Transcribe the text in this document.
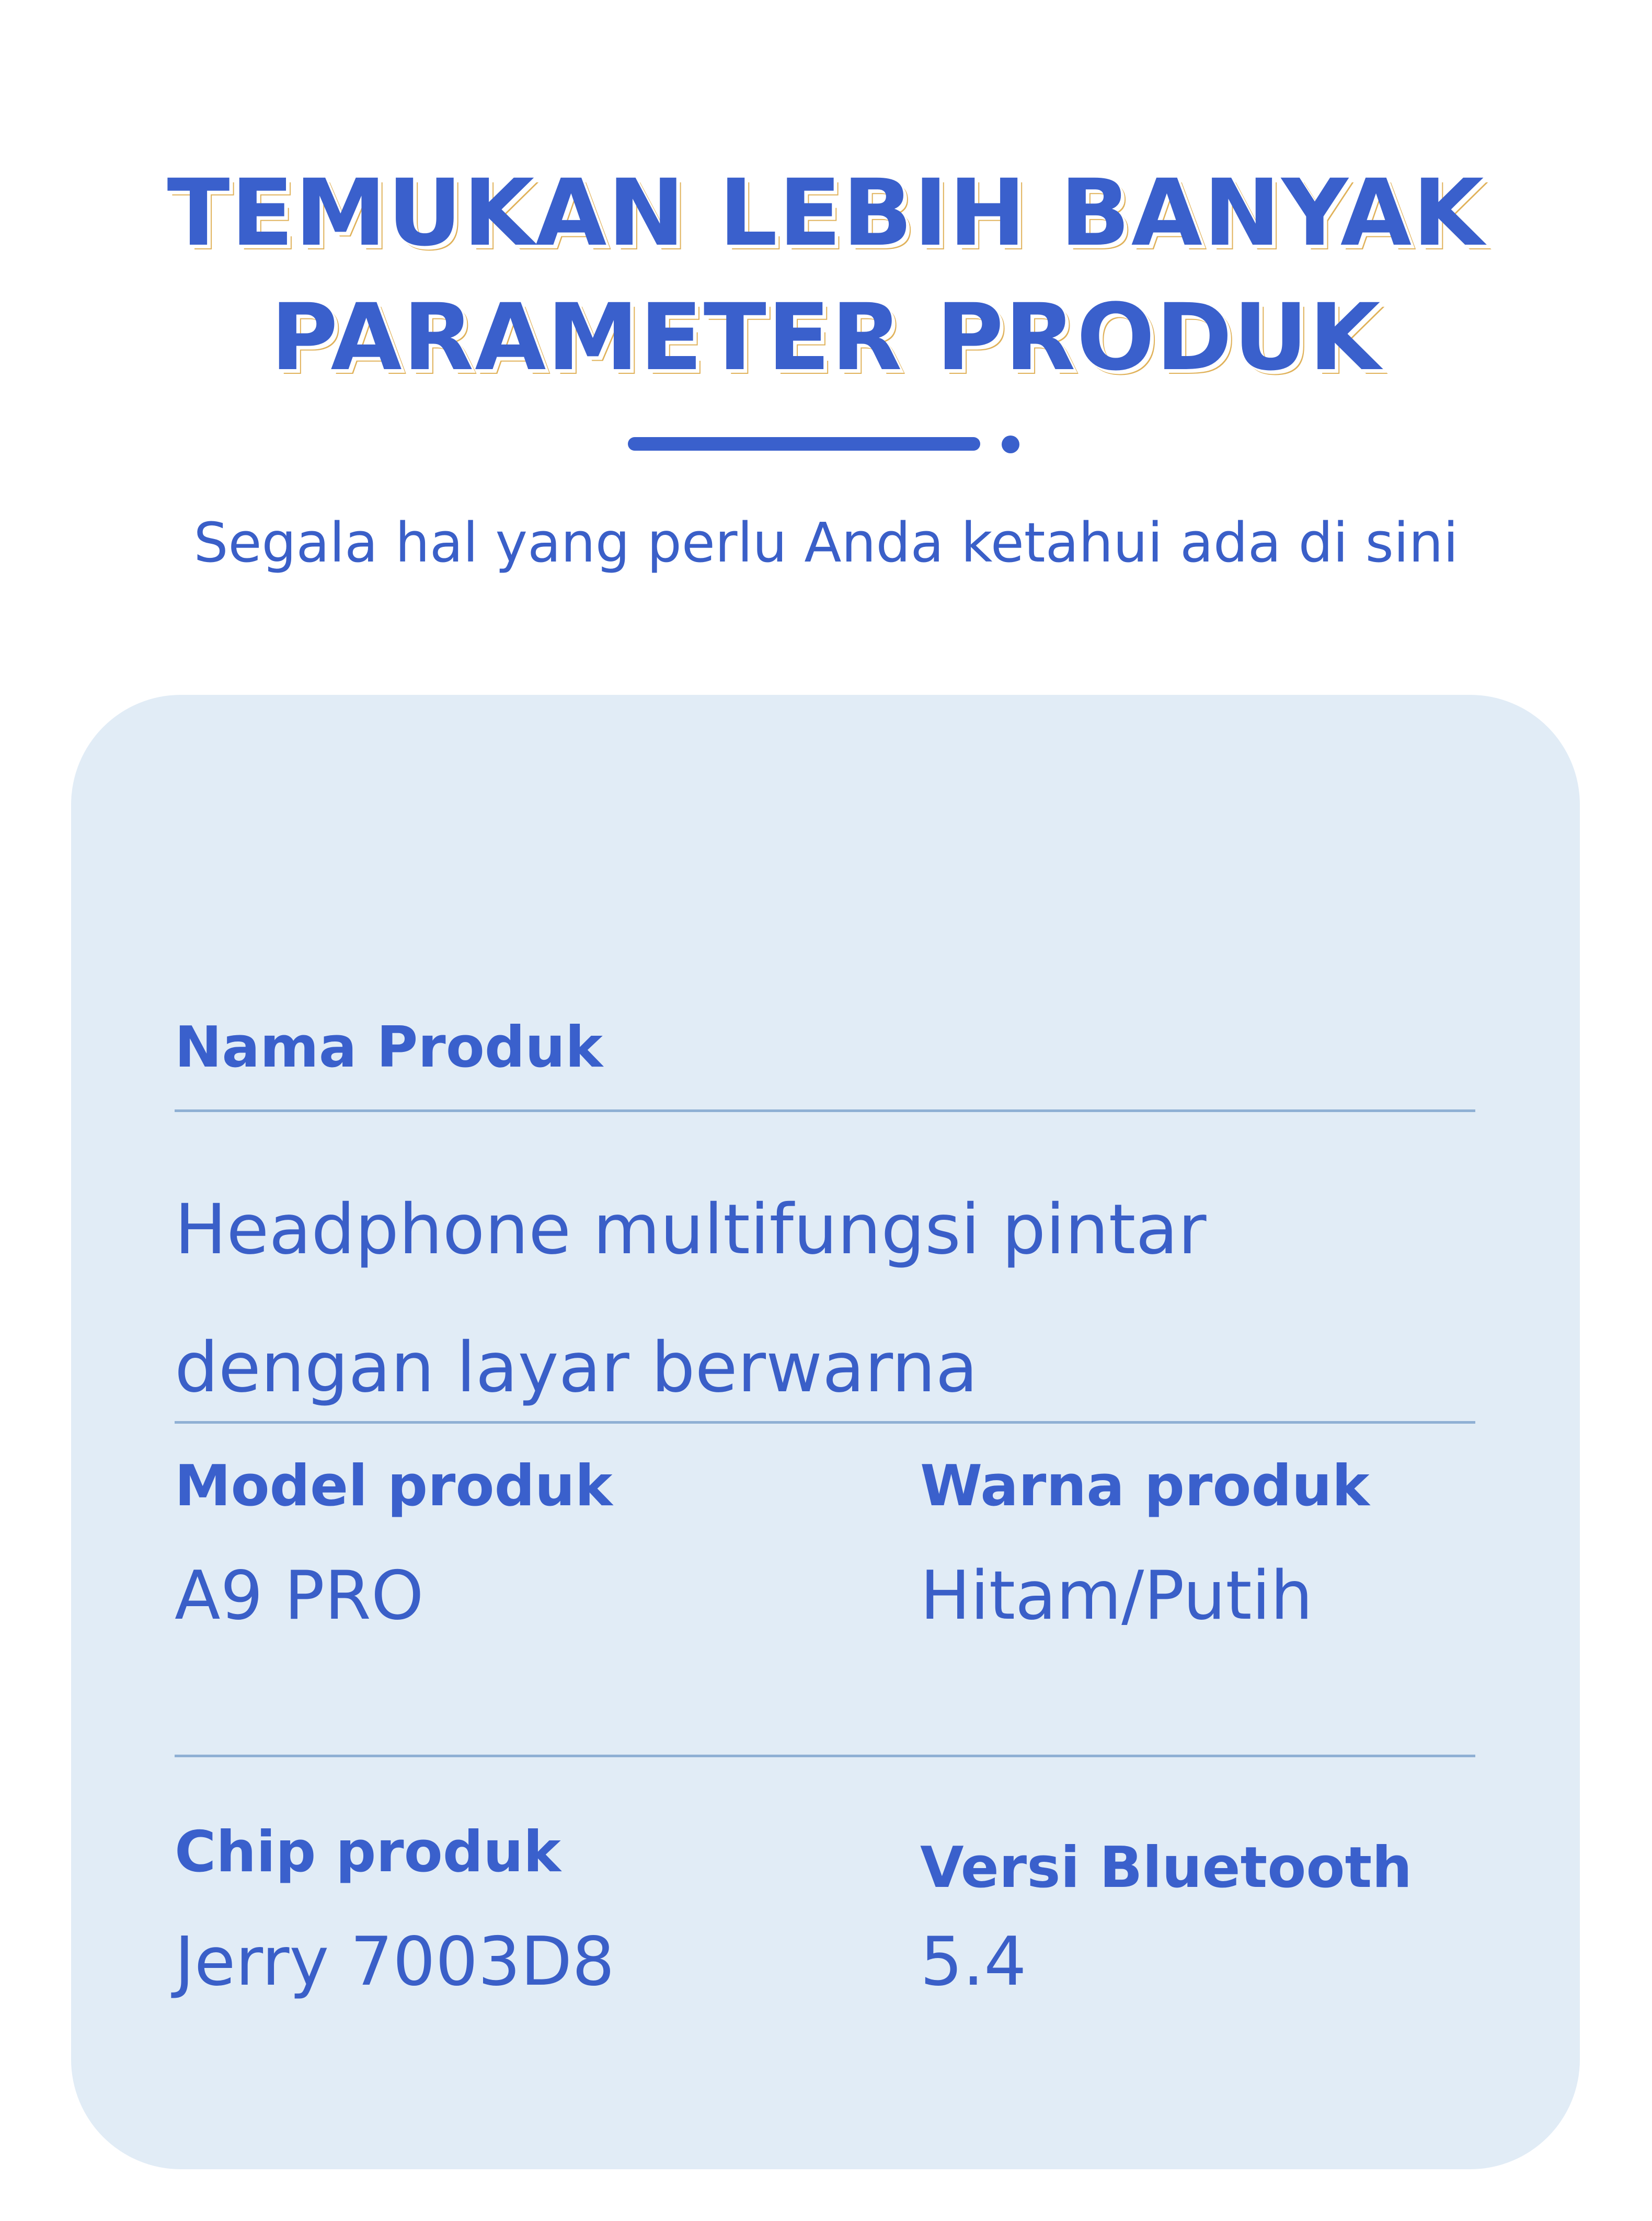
TEMUKAN LEBIH BANYAK
PARAMETER PRODUK
Segala hal yang perlu Anda ketahui ada di sini
Nama Produk
Headphone multifungsi pintar dengan layar berwarna
Model produk
A9 PRO
Warna produk
Hitam/Putih
Chip produk
Jerry 7003D8
Versi Bluetooth
5.4
